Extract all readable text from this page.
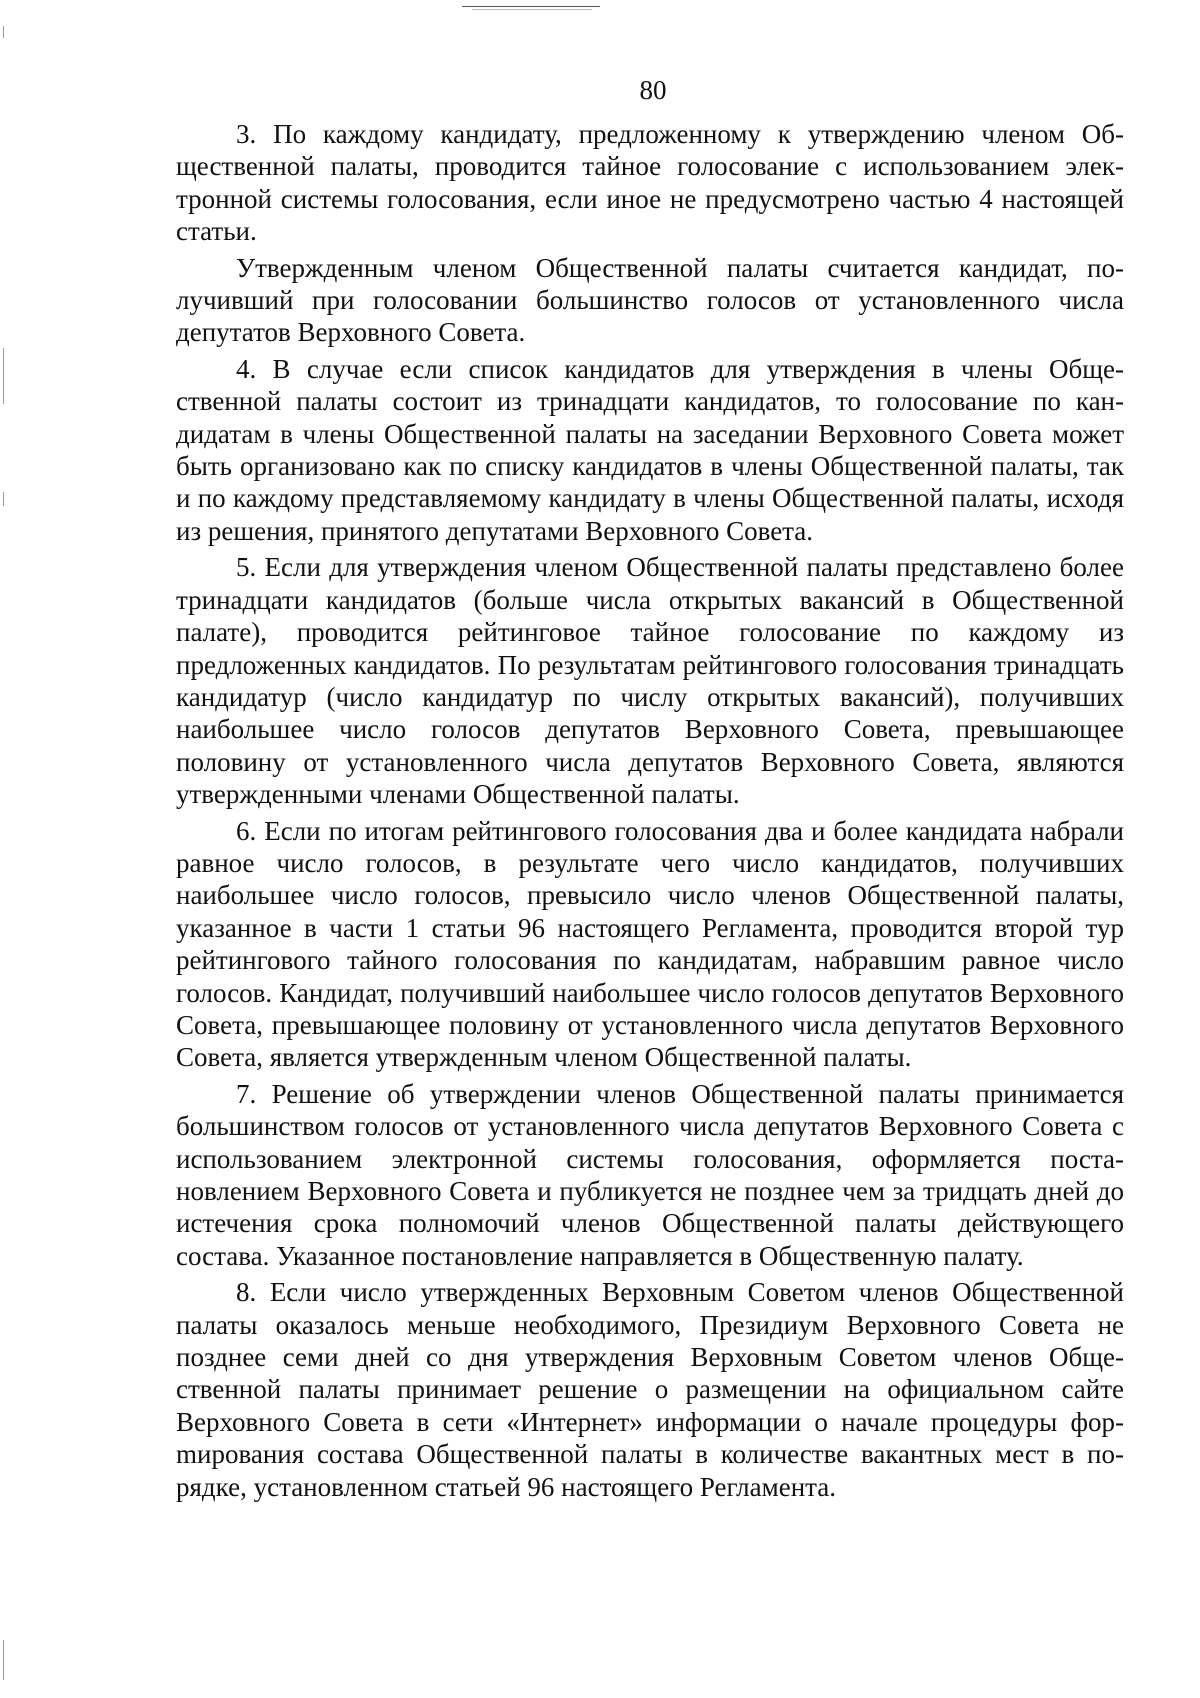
80

3. По каждому кандидату, предложенному к утверждению членом Общественной палаты, проводится тайное голосование с использованием электронной системы голосования, если иное не предусмотрено частью 4 настоящей статьи.

Утвержденным членом Общественной палаты считается кандидат, получивший при голосовании большинство голосов от установленного числа депутатов Верховного Совета.

4. В случае если список кандидатов для утверждения в члены Общественной палаты состоит из тринадцати кандидатов, то голосование по кандидатам в члены Общественной палаты на заседании Верховного Совета может быть организовано как по списку кандидатов в члены Общественной палаты, так и по каждому представляемому кандидату в члены Общественной палаты, исходя из решения, принятого депутатами Верховного Совета.

5. Если для утверждения членом Общественной палаты представлено более тринадцати кандидатов (больше числа открытых вакансий в Общественной палате), проводится рейтинговое тайное голосование по каждому из предложенных кандидатов. По результатам рейтингового голосования тринадцать кандидатур (число кандидатур по числу открытых вакансий), получивших наибольшее число голосов депутатов Верховного Совета, превышающее половину от установленного числа депутатов Верховного Совета, являются утвержденными членами Общественной палаты.

6. Если по итогам рейтингового голосования два и более кандидата набрали равное число голосов, в результате чего число кандидатов, получивших наибольшее число голосов, превысило число членов Общественной палаты, указанное в части 1 статьи 96 настоящего Регламента, проводится второй тур рейтингового тайного голосования по кандидатам, набравшим равное число голосов. Кандидат, получивший наибольшее число голосов депутатов Верховного Совета, превышающее половину от установленного числа депутатов Верховного Совета, является утвержденным членом Общественной палаты.

7. Решение об утверждении членов Общественной палаты принимается большинством голосов от установленного числа депутатов Верховного Совета с использованием электронной системы голосования, оформляется постановлением Верховного Совета и публикуется не позднее чем за тридцать дней до истечения срока полномочий членов Общественной палаты действующего состава. Указанное постановление направляется в Общественную палату.

8. Если число утвержденных Верховным Советом членов Общественной палаты оказалось меньше необходимого, Президиум Верховного Совета не позднее семи дней со дня утверждения Верховным Советом членов Общественной палаты принимает решение о размещении на официальном сайте Верховного Совета в сети «Интернет» информации о начале процедуры форmирования состава Общественной палаты в количестве вакантных мест в порядке, установленном статьей 96 настоящего Регламента.
